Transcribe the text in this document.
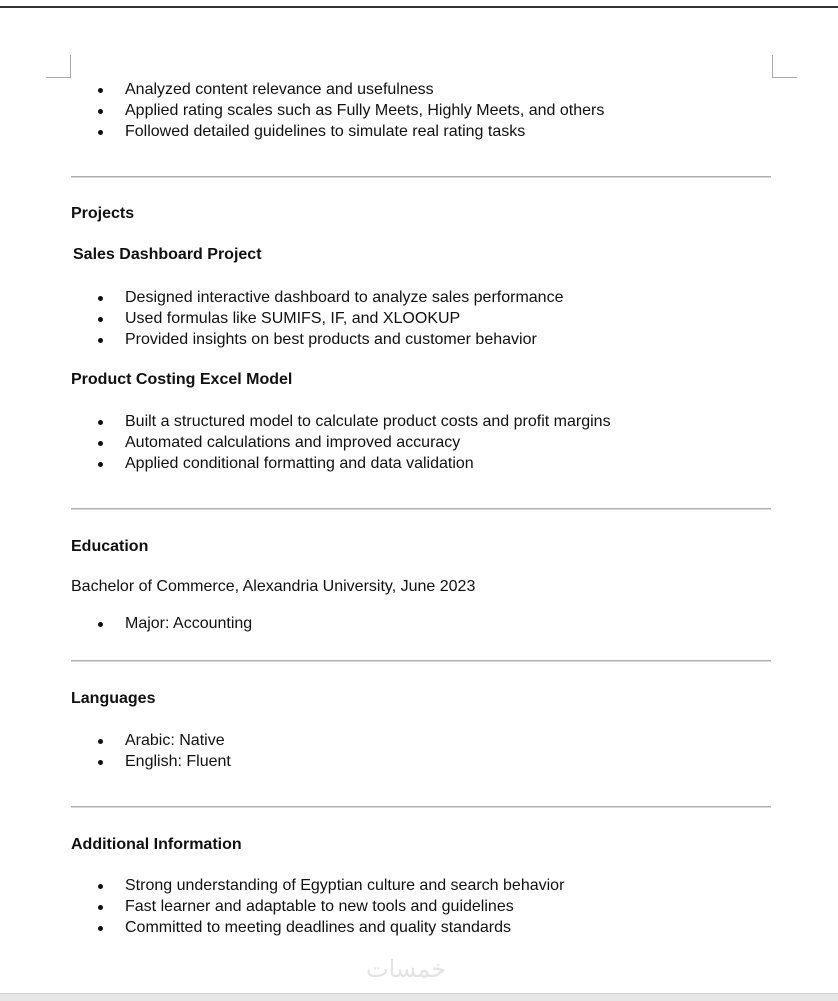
Analyzed content relevance and usefulness
Applied rating scales such as Fully Meets, Highly Meets, and others
Followed detailed guidelines to simulate real rating tasks
Projects
Sales Dashboard Project
Designed interactive dashboard to analyze sales performance
Used formulas like SUMIFS, IF, and XLOOKUP
Provided insights on best products and customer behavior
Product Costing Excel Model
Built a structured model to calculate product costs and profit margins
Automated calculations and improved accuracy
Applied conditional formatting and data validation
Education
Bachelor of Commerce, Alexandria University, June 2023
Major: Accounting
Languages
Arabic: Native
English: Fluent
Additional Information
Strong understanding of Egyptian culture and search behavior
Fast learner and adaptable to new tools and guidelines
Committed to meeting deadlines and quality standards
خمسات
